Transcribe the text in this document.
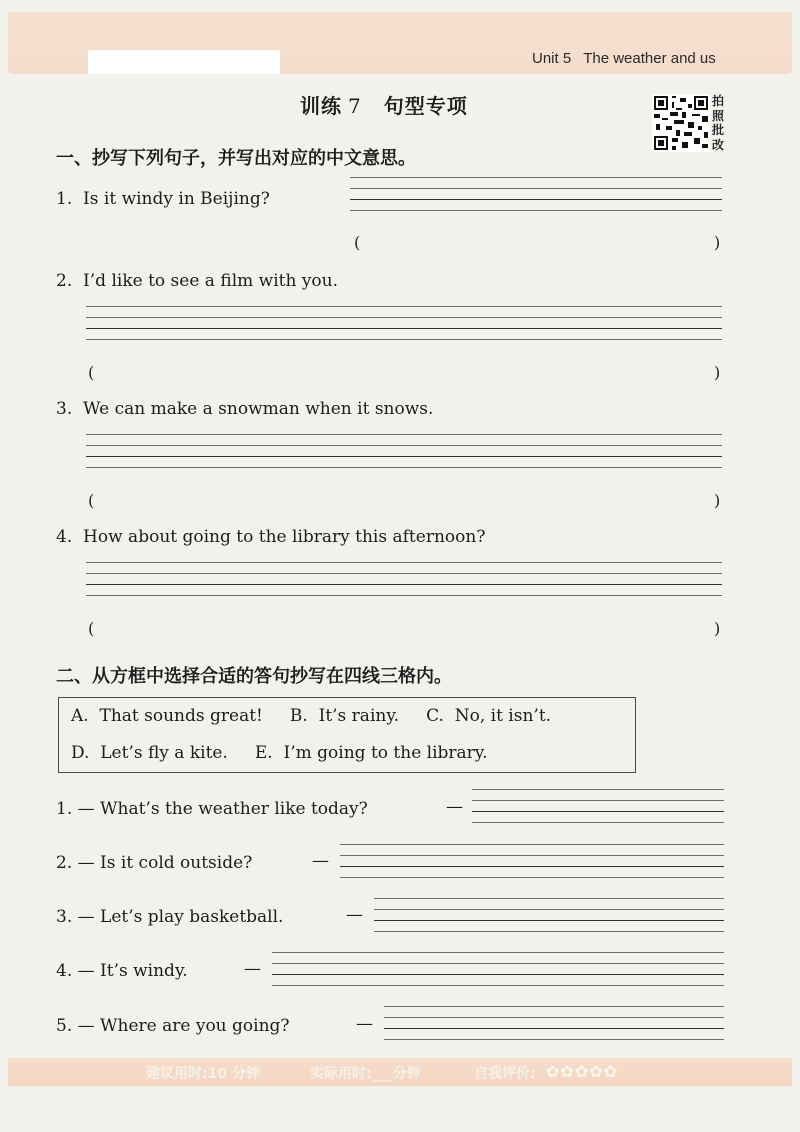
Unit 5 The weather and us
训练 7 句型专项	拍
照
批
改
一、抄写下列句子，并写出对应的中文意思。
1. Is it windy in Beijing?
(	)
2. I’d like to see a film with you.
(	)
3. We can make a snowman when it snows.
(	)
4. How about going to the library this afternoon?
(	)
二、从方框中选择合适的答句抄写在四线三格内。
A.  That sounds great!     B.  It’s rainy.     C.  No, it isn’t.
D.  Let’s fly a kite.     E.  I’m going to the library.
1. — What’s the weather like today?	—
2. — Is it cold outside?	—
3. — Let’s play basketball.	—
4. — It’s windy.	—
5. — Where are you going?	—
建议用时:10 分钟	实际用时:___分钟	自我评价: ✿✿✿✿✿
